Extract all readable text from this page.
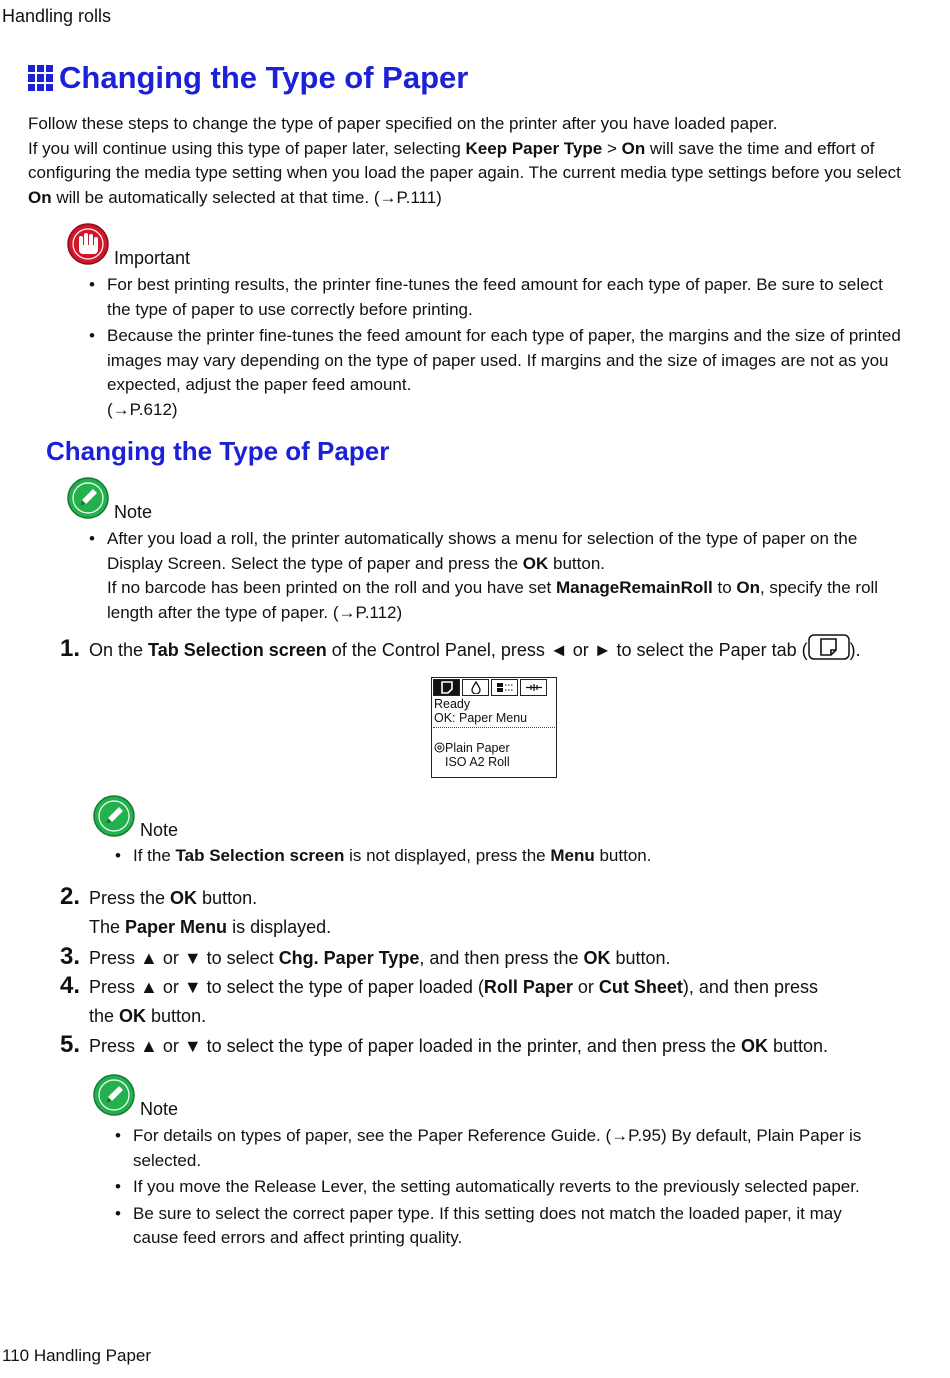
Handling rolls
Changing the Type of Paper

Follow these steps to change the type of paper specified on the printer after you have loaded paper.

If you will continue using this type of paper later, selecting Keep Paper Type > On will save the time and effort of configuring the media type setting when you load the paper again. The current media type settings before you select On will be automatically selected at that time. (→P.111)

Important
• For best printing results, the printer fine-tunes the feed amount for each type of paper. Be sure to select the type of paper to use correctly before printing.
• Because the printer fine-tunes the feed amount for each type of paper, the margins and the size of printed images may vary depending on the type of paper used. If margins and the size of images are not as you expected, adjust the paper feed amount.
(→P.612)
Changing the Type of Paper
Note
• After you load a roll, the printer automatically shows a menu for selection of the type of paper on the Display Screen. Select the type of paper and press the OK button.
If no barcode has been printed on the roll and you have set ManageRemainRoll to On, specify the roll length after the type of paper. (→P.112)
1. On the Tab Selection screen of the Control Panel, press ◄ or ► to select the Paper tab ( ).
Ready
OK: Paper Menu
Plain Paper
ISO A2 Roll
Note
• If the Tab Selection screen is not displayed, press the Menu button.
2. Press the OK button.
The Paper Menu is displayed.
3. Press ▲ or ▼ to select Chg. Paper Type, and then press the OK button.
4. Press ▲ or ▼ to select the type of paper loaded (Roll Paper or Cut Sheet), and then press
the OK button.
5. Press ▲ or ▼ to select the type of paper loaded in the printer, and then press the OK button.
Note
• For details on types of paper, see the Paper Reference Guide. (→P.95) By default, Plain Paper is selected.
• If you move the Release Lever, the setting automatically reverts to the previously selected paper.
• Be sure to select the correct paper type. If this setting does not match the loaded paper, it may cause feed errors and affect printing quality.
110 Handling Paper
